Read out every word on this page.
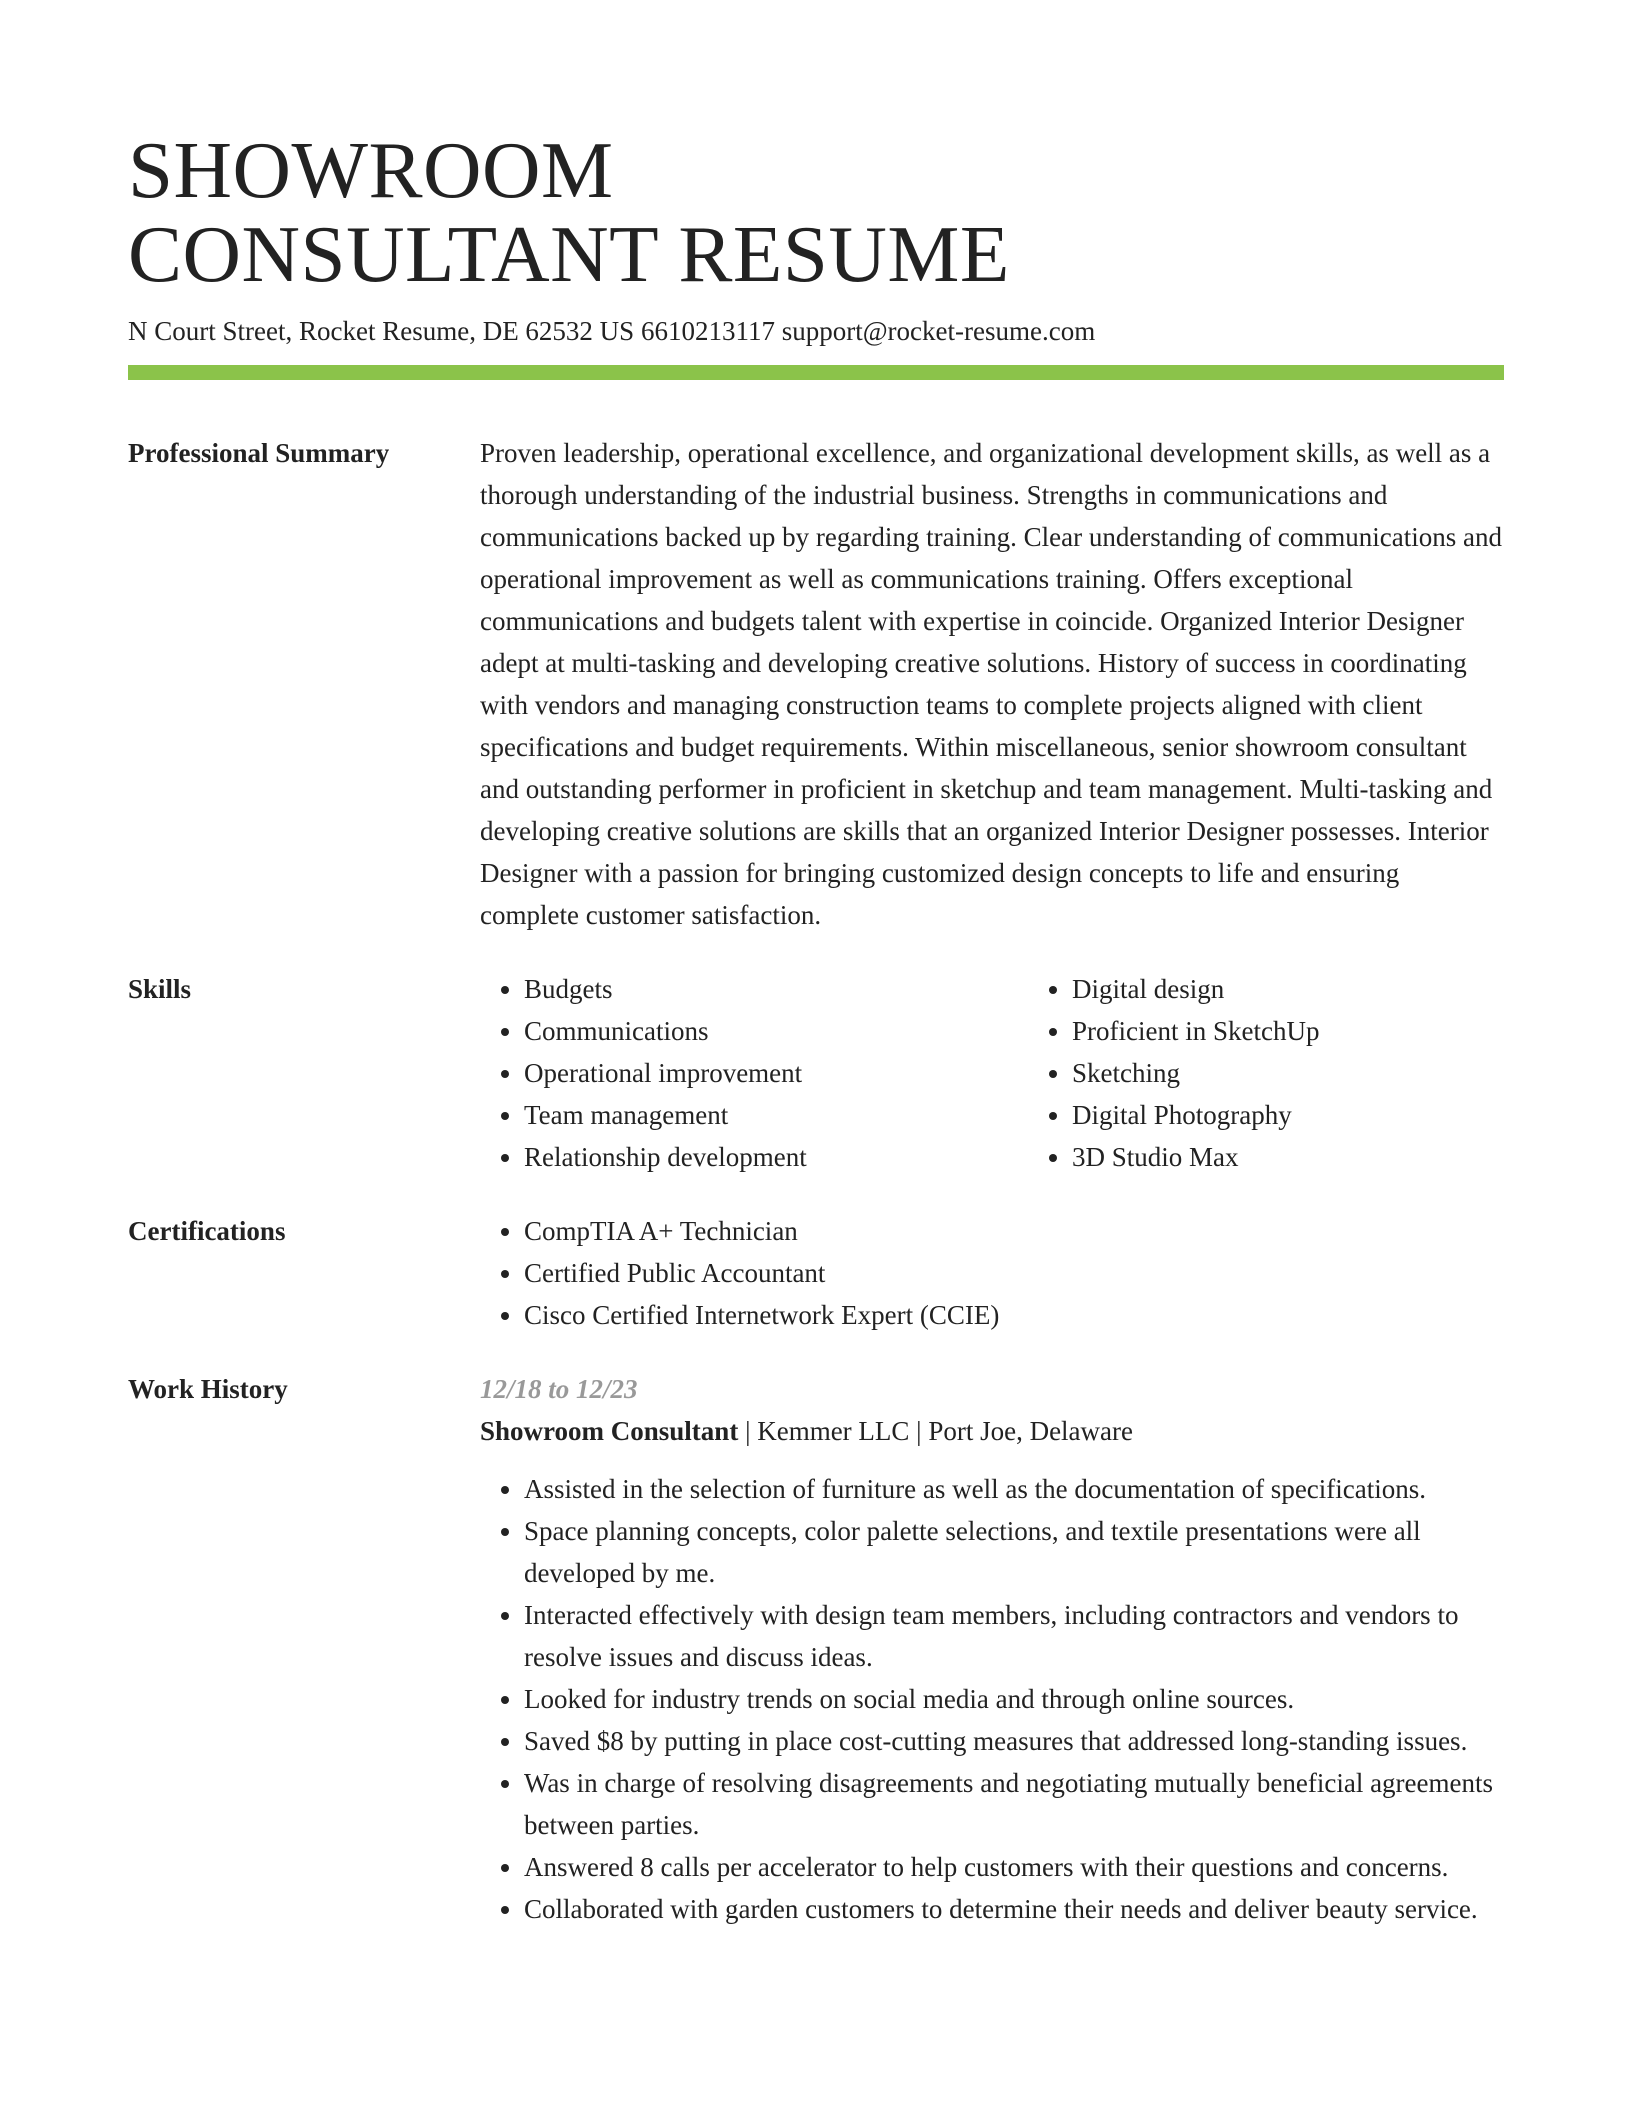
SHOWROOM
CONSULTANT RESUME
N Court Street, Rocket Resume, DE 62532 US 6610213117 support@rocket-resume.com
Professional Summary	Proven leadership, operational excellence, and organizational development skills, as well as a thorough understanding of the industrial business. Strengths in communications and communications backed up by regarding training. Clear understanding of communications and operational improvement as well as communications training. Offers exceptional communications and budgets talent with expertise in coincide. Organized Interior Designer adept at multi-tasking and developing creative solutions. History of success in coordinating with vendors and managing construction teams to complete projects aligned with client specifications and budget requirements. Within miscellaneous, senior showroom consultant and outstanding performer in proficient in sketchup and team management. Multi-tasking and developing creative solutions are skills that an organized Interior Designer possesses. Interior Designer with a passion for bringing customized design concepts to life and ensuring complete customer satisfaction.
Skills	• Budgets
• Communications
• Operational improvement
• Team management
• Relationship development
• Digital design
• Proficient in SketchUp
• Sketching
• Digital Photography
• 3D Studio Max
Certifications	• CompTIA A+ Technician
• Certified Public Accountant
• Cisco Certified Internetwork Expert (CCIE)
Work History	12/18 to 12/23
Showroom Consultant | Kemmer LLC | Port Joe, Delaware
• Assisted in the selection of furniture as well as the documentation of specifications.
• Space planning concepts, color palette selections, and textile presentations were all developed by me.
• Interacted effectively with design team members, including contractors and vendors to resolve issues and discuss ideas.
• Looked for industry trends on social media and through online sources.
• Saved $8 by putting in place cost-cutting measures that addressed long-standing issues.
• Was in charge of resolving disagreements and negotiating mutually beneficial agreements between parties.
• Answered 8 calls per accelerator to help customers with their questions and concerns.
• Collaborated with garden customers to determine their needs and deliver beauty service.
